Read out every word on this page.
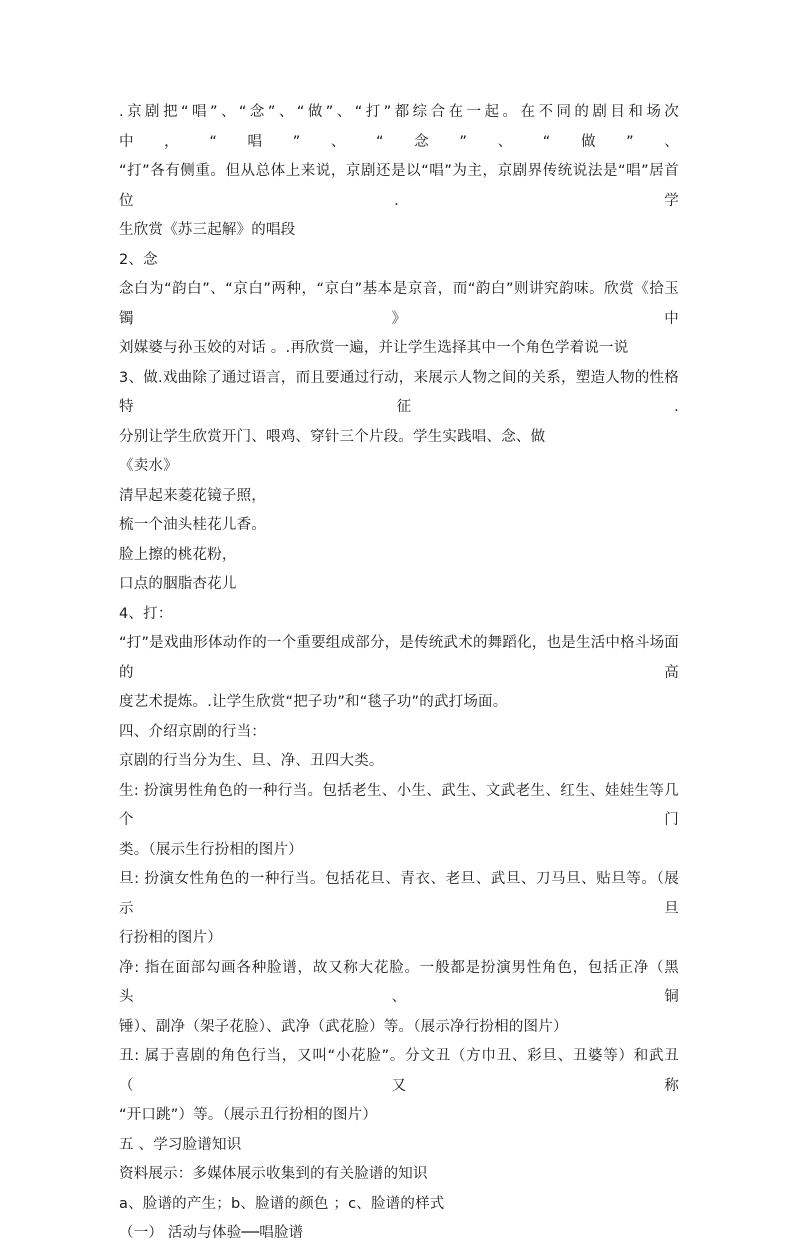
.京剧把“唱”、“念”、“做”、“打”都综合在一起。在不同的剧目和场次中，“唱”、“念”、“做”、
“打”各有侧重。但从总体上来说，京剧还是以“唱”为主，京剧界传统说法是“唱”居首位. 学
生欣赏《苏三起解》的唱段
2、念
念白为“韵白”、“京白”两种，“京白”基本是京音，而“韵白”则讲究韵味。欣赏《拾玉镯》中
刘媒婆与孙玉姣的对话 。.再欣赏一遍，并让学生选择其中一个角色学着说一说
3、做.戏曲除了通过语言，而且要通过行动，来展示人物之间的关系，塑造人物的性格特征.
分别让学生欣赏开门、喂鸡、穿针三个片段。学生实践唱、念、做
《卖水》
清早起来菱花镜子照，
梳一个油头桂花儿香。
脸上擦的桃花粉，
口点的胭脂杏花儿
4、打：
“打”是戏曲形体动作的一个重要组成部分，是传统武术的舞蹈化，也是生活中格斗场面的高
度艺术提炼。.让学生欣赏“把子功”和“毯子功”的武打场面。
四、介绍京剧的行当：
京剧的行当分为生、旦、净、丑四大类。
生: 扮演男性角色的一种行当。包括老生、小生、武生、文武老生、红生、娃娃生等几个门
类。（展示生行扮相的图片）
旦: 扮演女性角色的一种行当。包括花旦、青衣、老旦、武旦、刀马旦、贴旦等。（展示旦
行扮相的图片）
净: 指在面部勾画各种脸谱，故又称大花脸。一般都是扮演男性角色，包括正净（黑头、铜
锤）、副净（架子花脸）、武净（武花脸）等。（展示净行扮相的图片）
丑: 属于喜剧的角色行当，又叫“小花脸”。分文丑（方巾丑、彩旦、丑婆等）和武丑（又称
“开口跳”）等。（展示丑行扮相的图片）
五 、学习脸谱知识
资料展示：多媒体展示收集到的有关脸谱的知识
a、脸谱的产生；b、脸谱的颜色 ；c、脸谱的样式
（一） 活动与体验──唱脸谱
